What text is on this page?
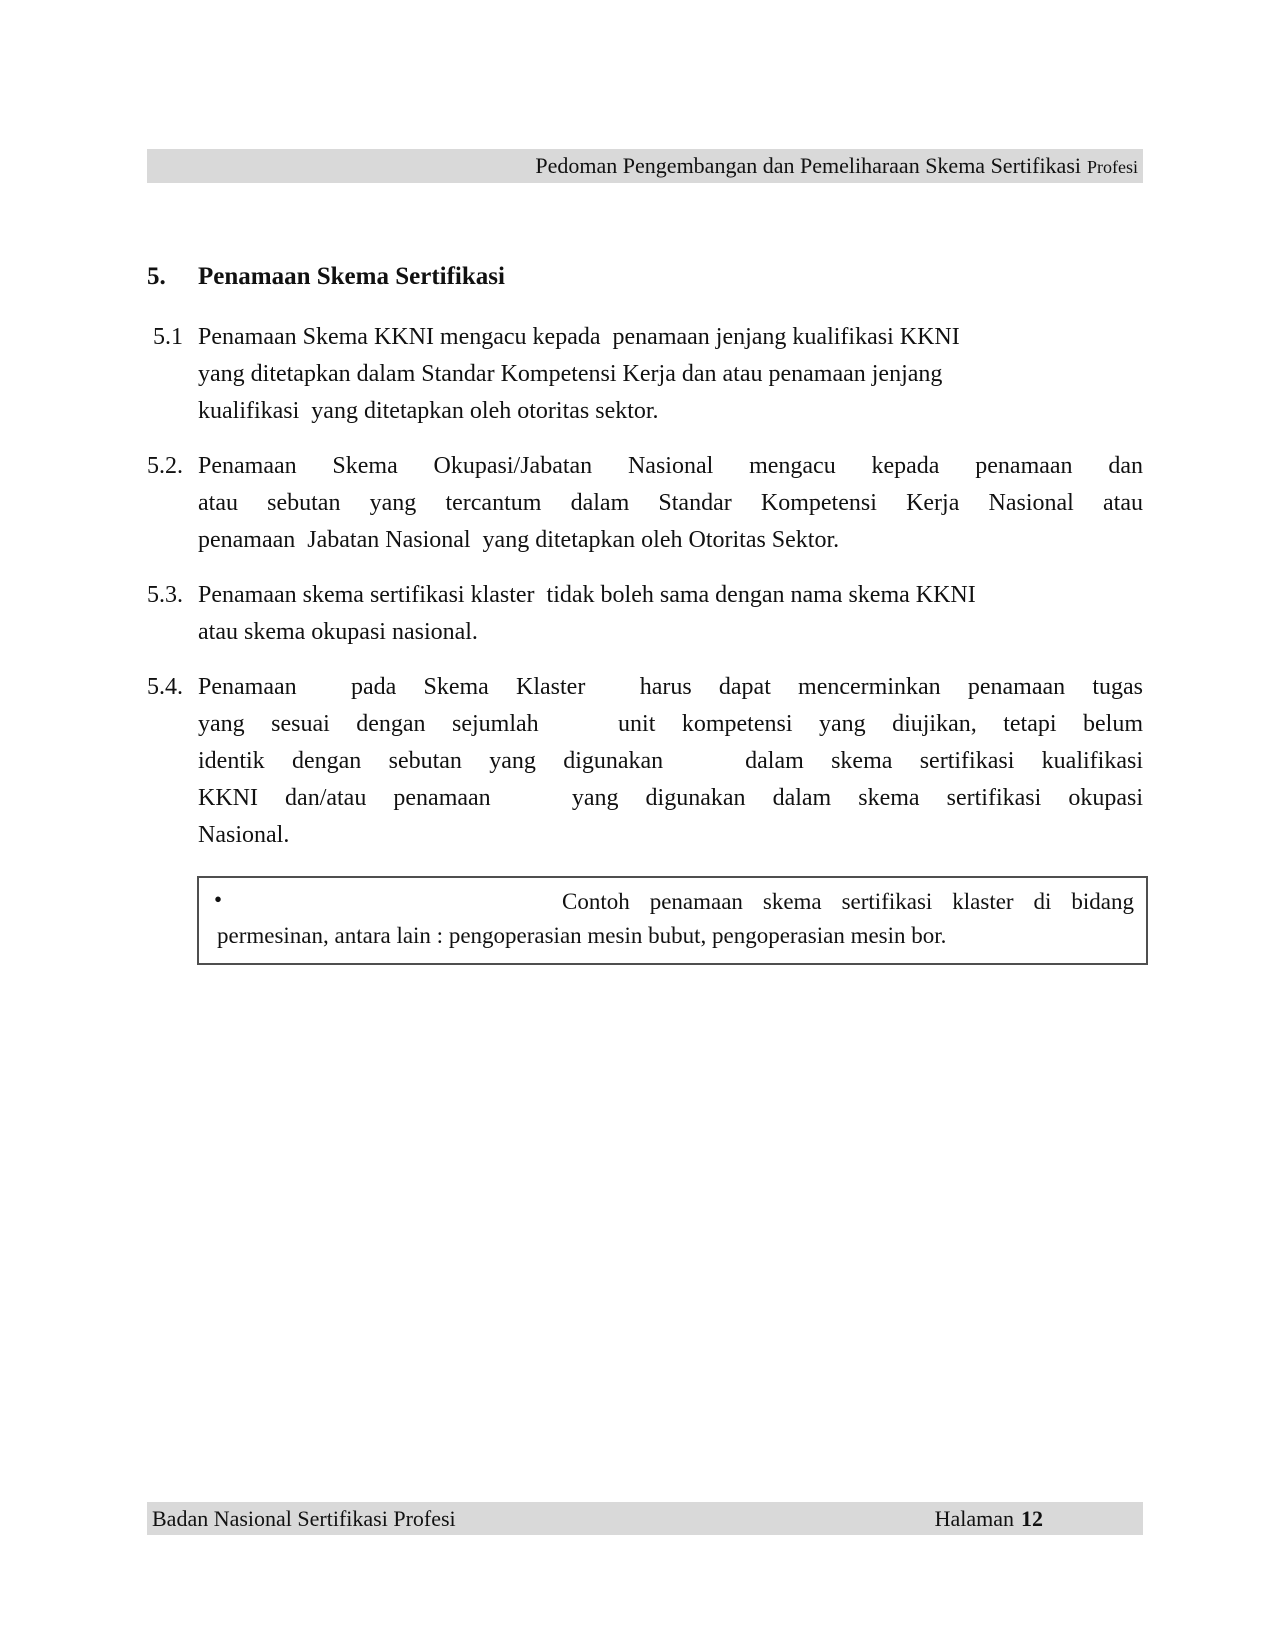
Pedoman Pengembangan dan Pemeliharaan Skema Sertifikasi Profesi
5.	Penamaan Skema Sertifikasi
5.1 Penamaan Skema KKNI mengacu kepada  penamaan jenjang kualifikasi KKNI
yang ditetapkan dalam Standar Kompetensi Kerja dan atau penamaan jenjang
kualifikasi  yang ditetapkan oleh otoritas sektor.
5.2. Penamaan Skema Okupasi/Jabatan Nasional mengacu kepada penamaan dan
atau sebutan yang tercantum dalam Standar Kompetensi Kerja Nasional atau
penamaan  Jabatan Nasional  yang ditetapkan oleh Otoritas Sektor.
5.3. Penamaan skema sertifikasi klaster  tidak boleh sama dengan nama skema KKNI
atau skema okupasi nasional.
5.4. Penamaan  pada Skema Klaster  harus dapat mencerminkan penamaan tugas
yang sesuai dengan sejumlah   unit kompetensi yang diujikan, tetapi belum
identik dengan sebutan yang digunakan   dalam skema sertifikasi kualifikasi
KKNI dan/atau penamaan   yang digunakan dalam skema sertifikasi okupasi
Nasional.
•	Contoh penamaan skema sertifikasi klaster di bidang
permesinan, antara lain : pengoperasian mesin bubut, pengoperasian mesin bor.
Badan Nasional Sertifikasi Profesi	Halaman 12
